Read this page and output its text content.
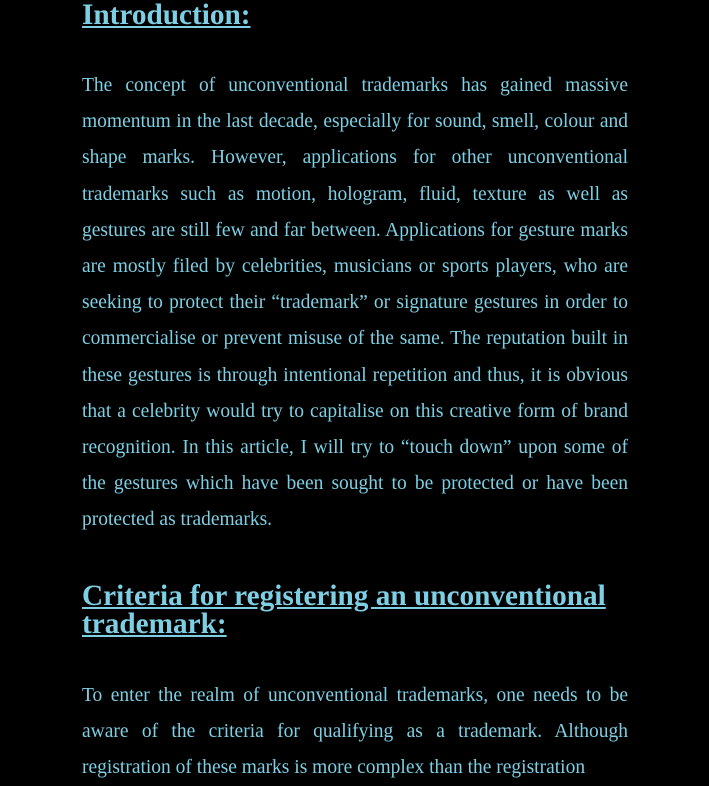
Introduction:

The concept of unconventional trademarks has gained massive momentum in the last decade, especially for sound, smell, colour and shape marks. However, applications for other unconventional trademarks such as motion, hologram, fluid, texture as well as gestures are still few and far between. Applications for gesture marks are mostly filed by celebrities, musicians or sports players, who are seeking to protect their “trademark” or signature gestures in order to commercialise or prevent misuse of the same. The reputation built in these gestures is through intentional repetition and thus, it is obvious that a celebrity would try to capitalise on this creative form of brand recognition. In this article, I will try to “touch down” upon some of the gestures which have been sought to be protected or have been protected as trademarks.

Criteria for registering an unconventional trademark:

To enter the realm of unconventional trademarks, one needs to be aware of the criteria for qualifying as a trademark. Although registration of these marks is more complex than the registration
